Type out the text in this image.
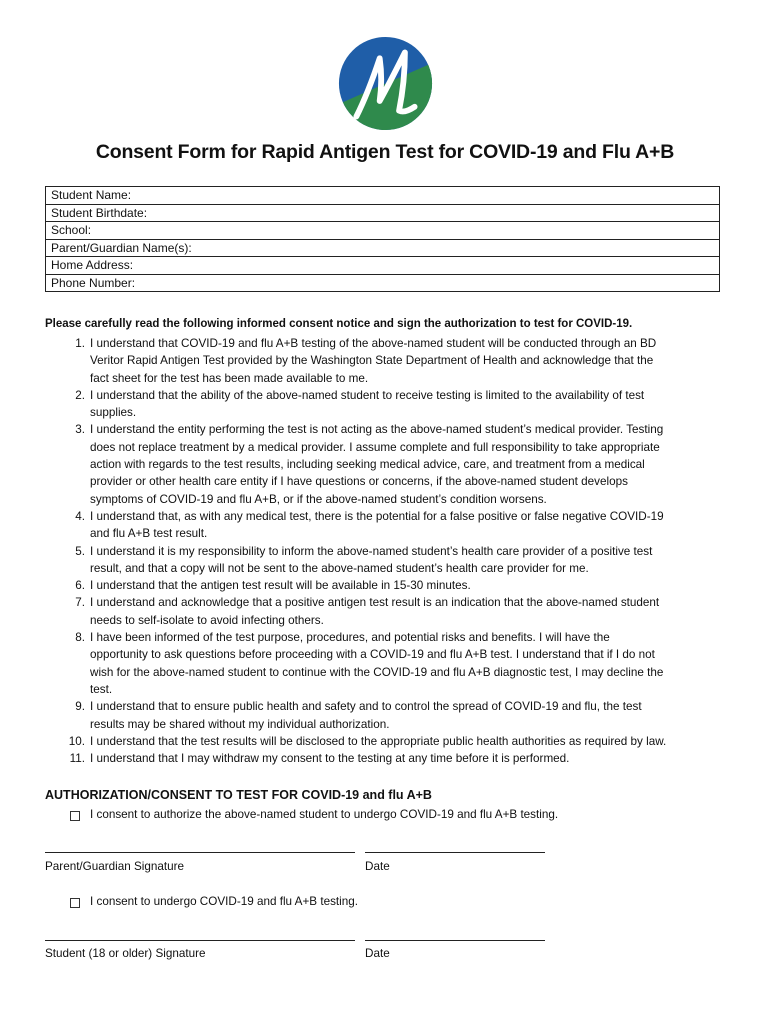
Consent Form for Rapid Antigen Test for COVID-19 and Flu A+B
Student Name:
Student Birthdate:
School:
Parent/Guardian Name(s):
Home Address:
Phone Number:
Please carefully read the following informed consent notice and sign the authorization to test for COVID-19.
1. I understand that COVID-19 and flu A+B testing of the above-named student will be conducted through an BD
Veritor Rapid Antigen Test provided by the Washington State Department of Health and acknowledge that the
fact sheet for the test has been made available to me.
2. I understand that the ability of the above-named student to receive testing is limited to the availability of test
supplies.
3. I understand the entity performing the test is not acting as the above-named student’s medical provider. Testing
does not replace treatment by a medical provider. I assume complete and full responsibility to take appropriate
action with regards to the test results, including seeking medical advice, care, and treatment from a medical
provider or other health care entity if I have questions or concerns, if the above-named student develops
symptoms of COVID-19 and flu A+B, or if the above-named student’s condition worsens.
4. I understand that, as with any medical test, there is the potential for a false positive or false negative COVID-19
and flu A+B test result.
5. I understand it is my responsibility to inform the above-named student’s health care provider of a positive test
result, and that a copy will not be sent to the above-named student’s health care provider for me.
6. I understand that the antigen test result will be available in 15-30 minutes.
7. I understand and acknowledge that a positive antigen test result is an indication that the above-named student
needs to self-isolate to avoid infecting others.
8. I have been informed of the test purpose, procedures, and potential risks and benefits. I will have the
opportunity to ask questions before proceeding with a COVID-19 and flu A+B test. I understand that if I do not
wish for the above-named student to continue with the COVID-19 and flu A+B diagnostic test, I may decline the
test.
9. I understand that to ensure public health and safety and to control the spread of COVID-19 and flu, the test
results may be shared without my individual authorization.
10. I understand that the test results will be disclosed to the appropriate public health authorities as required by law.
11. I understand that I may withdraw my consent to the testing at any time before it is performed.
AUTHORIZATION/CONSENT TO TEST FOR COVID-19 and flu A+B
I consent to authorize the above-named student to undergo COVID-19 and flu A+B testing.
Parent/Guardian Signature	Date
I consent to undergo COVID-19 and flu A+B testing.
Student (18 or older) Signature	Date
